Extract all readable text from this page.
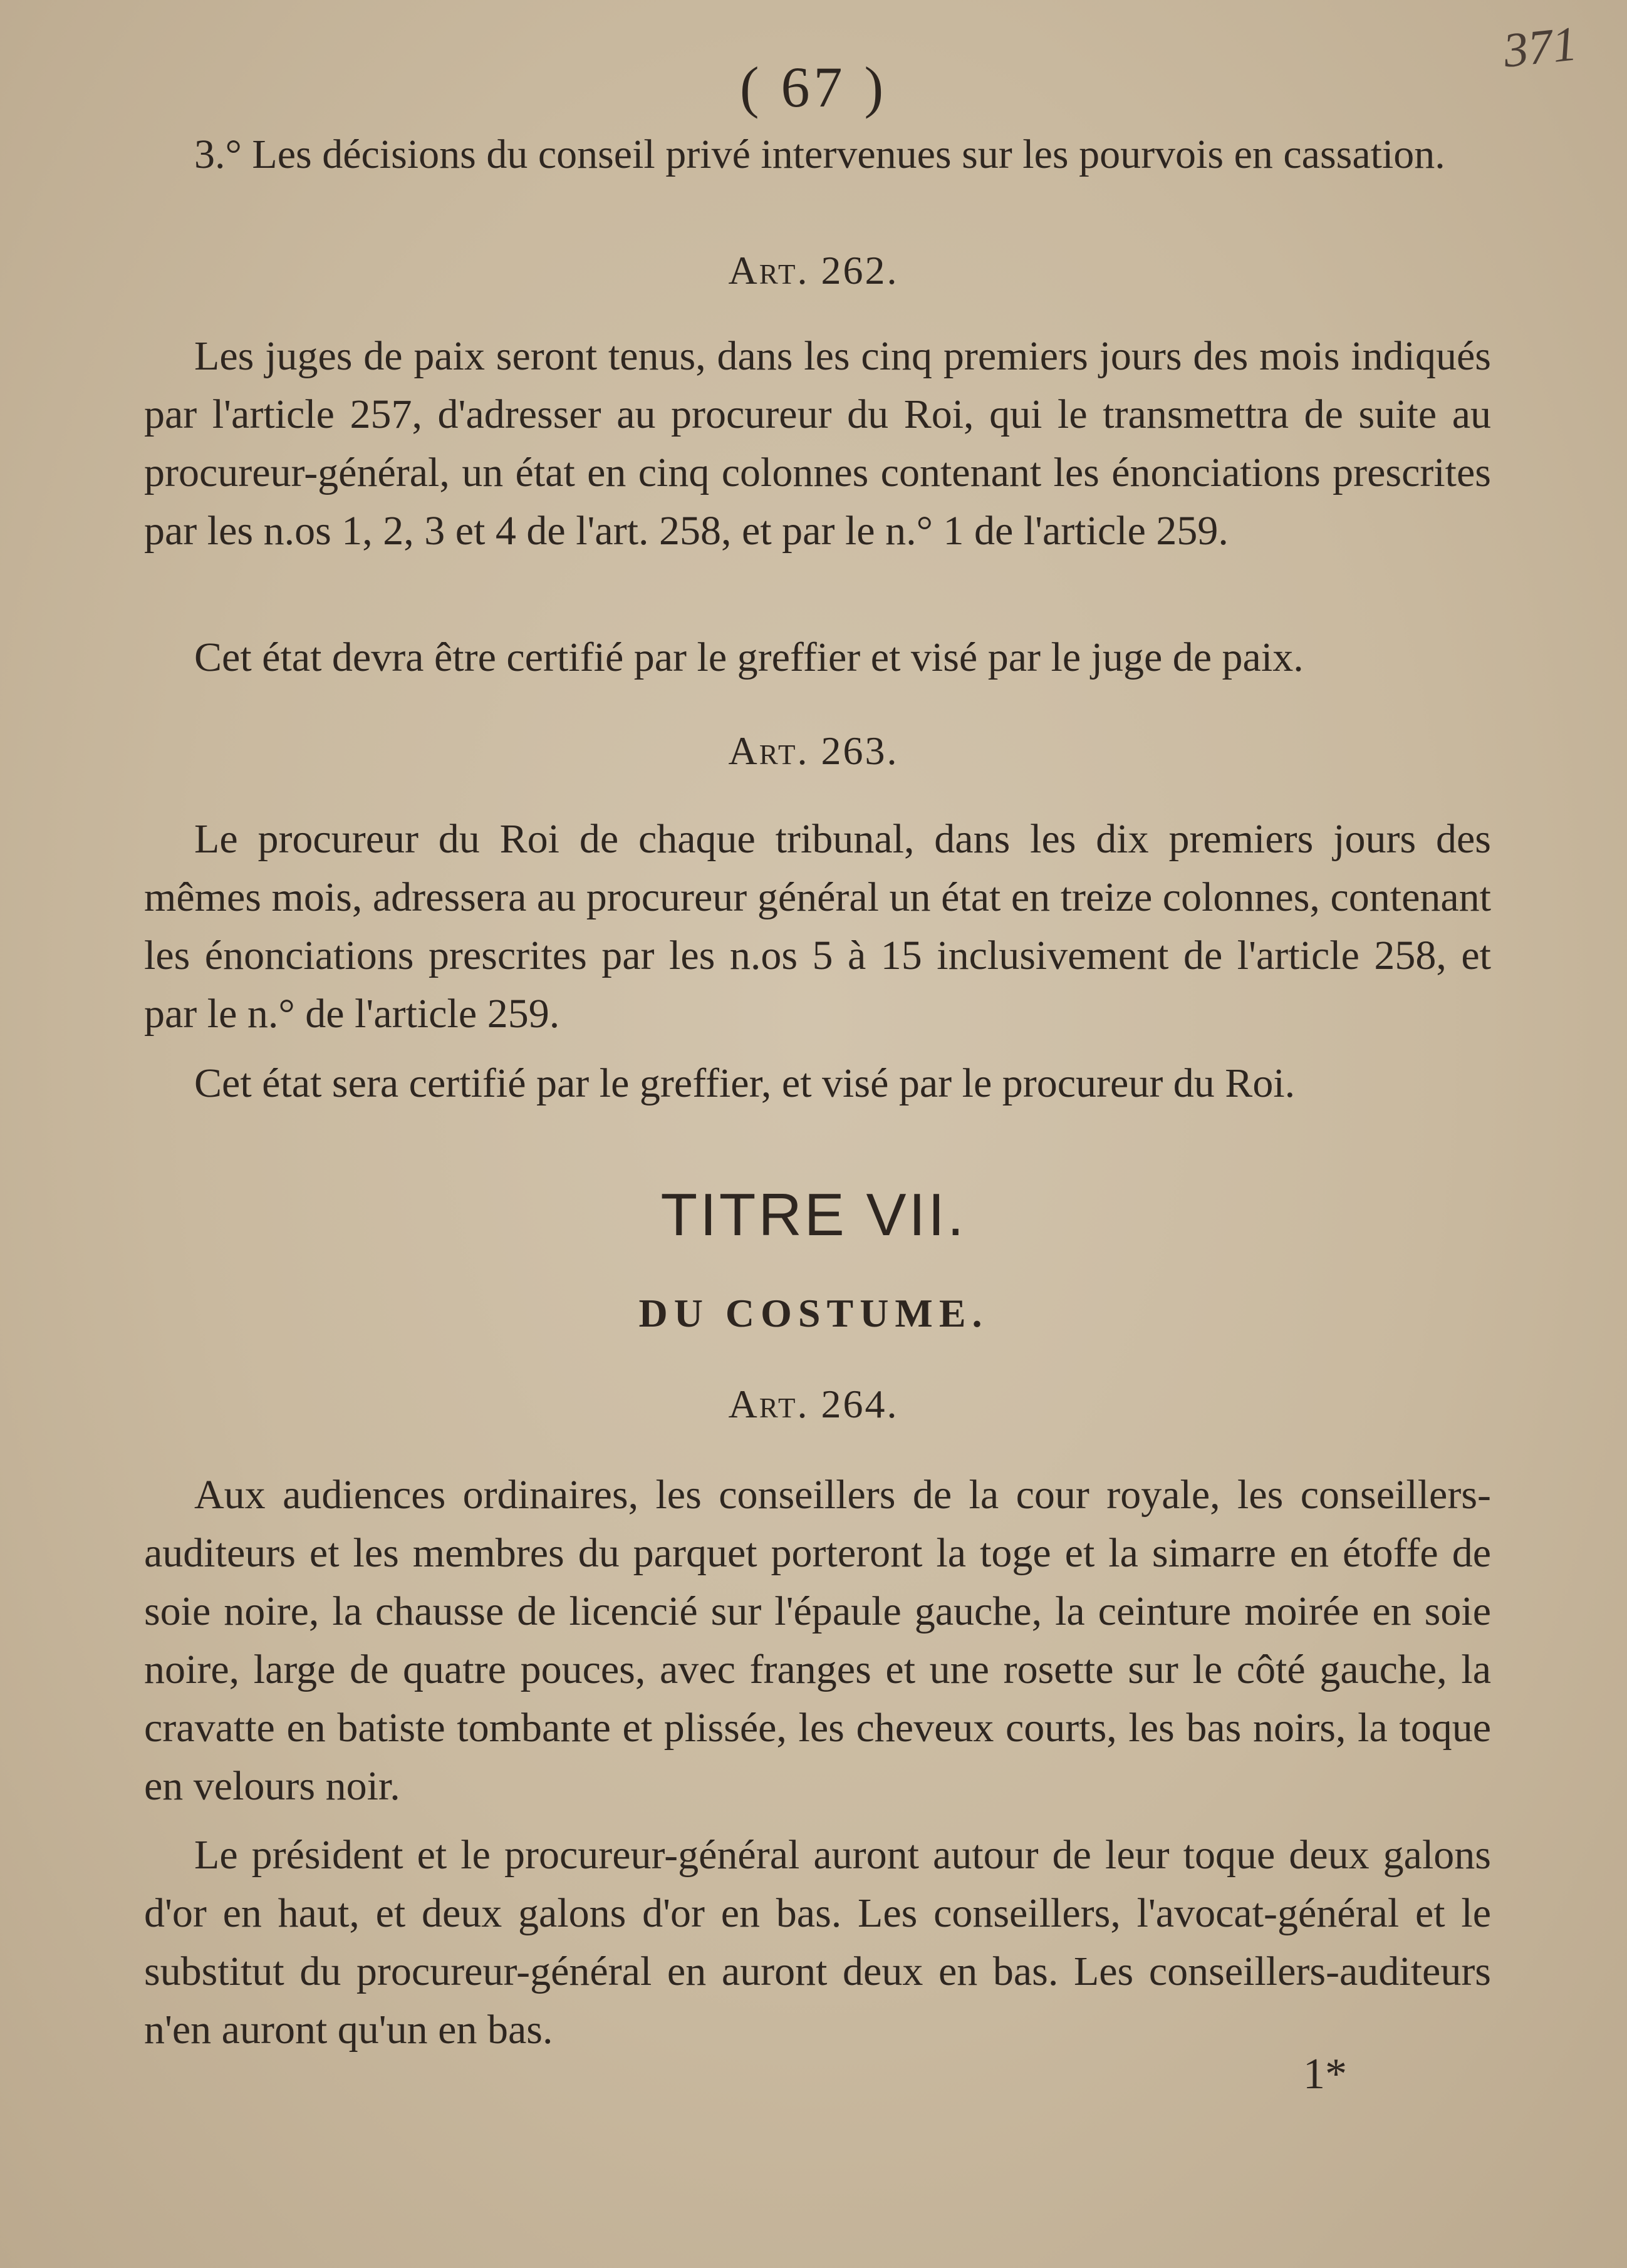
371
( 67 )
3.° Les décisions du conseil privé intervenues sur les pourvois en cassation.
Art. 262.
Les juges de paix seront tenus, dans les cinq premiers jours des mois indiqués par l'article 257, d'adresser au procureur du Roi, qui le transmettra de suite au procureur-général, un état en cinq colonnes contenant les énonciations prescrites par les n.os 1, 2, 3 et 4 de l'art. 258, et par le n.° 1 de l'article 259.
Cet état devra être certifié par le greffier et visé par le juge de paix.
Art. 263.
Le procureur du Roi de chaque tribunal, dans les dix premiers jours des mêmes mois, adressera au procureur général un état en treize colonnes, contenant les énonciations prescrites par les n.os 5 à 15 inclusivement de l'article 258, et par le n.° de l'article 259.
Cet état sera certifié par le greffier, et visé par le procureur du Roi.
TITRE VII.
DU COSTUME.
Art. 264.
Aux audiences ordinaires, les conseillers de la cour royale, les conseillers-auditeurs et les membres du parquet porteront la toge et la simarre en étoffe de soie noire, la chausse de licencié sur l'épaule gauche, la ceinture moirée en soie noire, large de quatre pouces, avec franges et une rosette sur le côté gauche, la cravatte en batiste tombante et plissée, les cheveux courts, les bas noirs, la toque en velours noir.
Le président et le procureur-général auront autour de leur toque deux galons d'or en haut, et deux galons d'or en bas. Les conseillers, l'avocat-général et le substitut du procureur-général en auront deux en bas. Les conseillers-auditeurs n'en auront qu'un en bas.
1*
